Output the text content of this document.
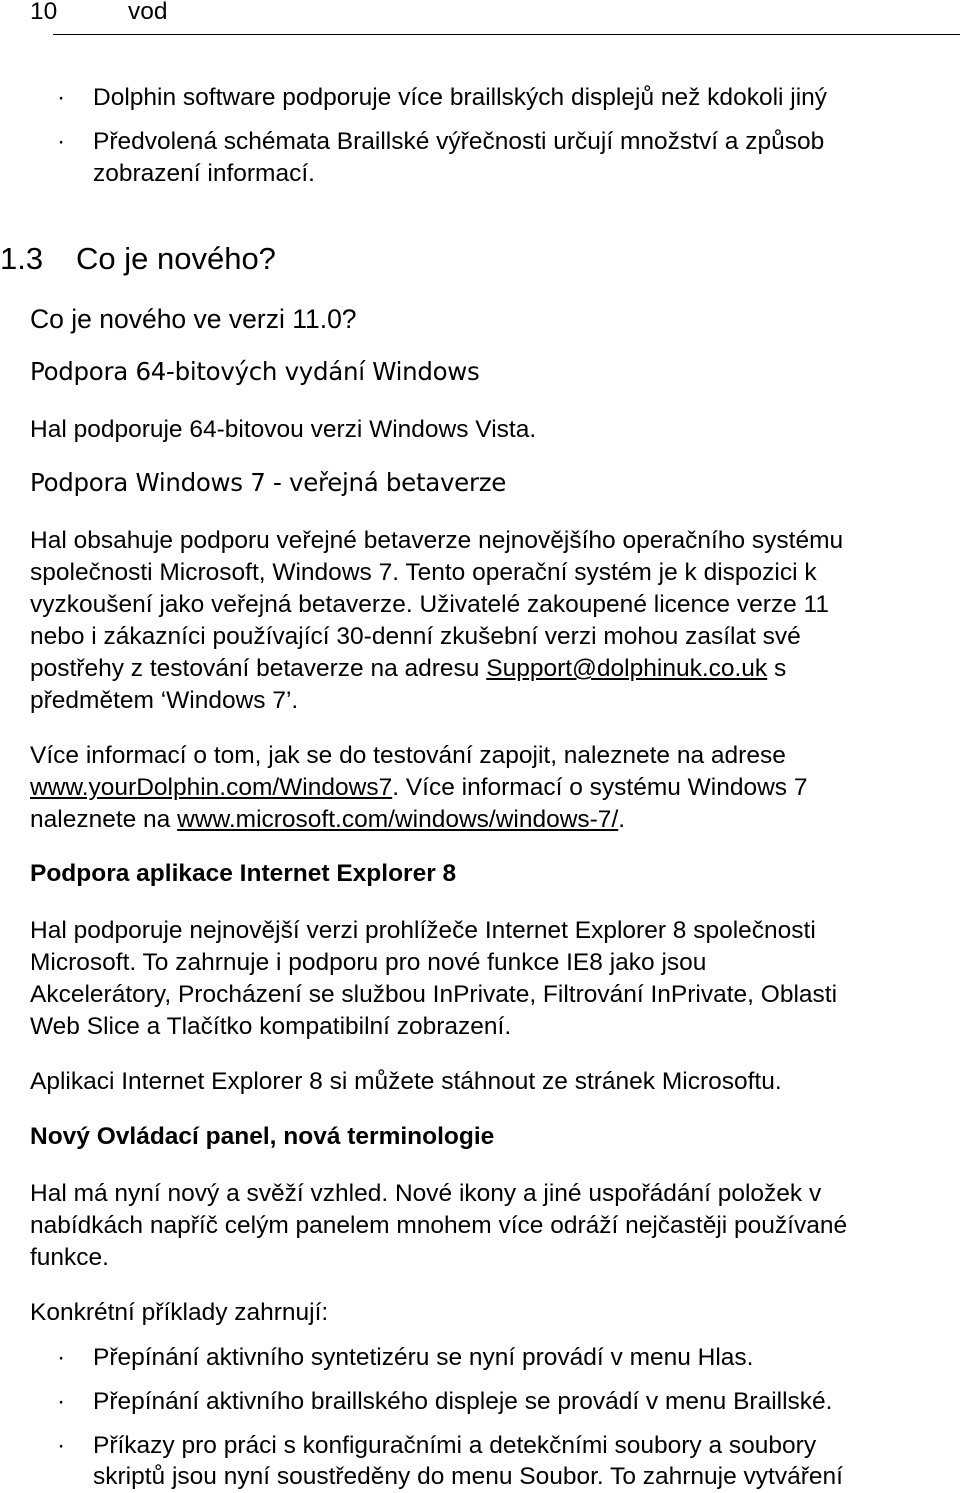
10	vod
· Dolphin software podporuje více braillských displejů než kdokoli jiný
· Předvolená schémata Braillské výřečnosti určují množství a způsob
zobrazení informací.
1.3 Co je nového?
Co je nového ve verzi 11.0?
Podpora 64-bitových vydání Windows
Hal podporuje 64-bitovou verzi Windows Vista.
Podpora Windows 7 - veřejná betaverze
Hal obsahuje podporu veřejné betaverze nejnovějšího operačního systému
společnosti Microsoft, Windows 7. Tento operační systém je k dispozici k
vyzkoušení jako veřejná betaverze. Uživatelé zakoupené licence verze 11
nebo i zákazníci používající 30-denní zkušební verzi mohou zasílat své
postřehy z testování betaverze na adresu Support@dolphinuk.co.uk s
předmětem ‘Windows 7’.
Více informací o tom, jak se do testování zapojit, naleznete na adrese
www.yourDolphin.com/Windows7. Více informací o systému Windows 7
naleznete na www.microsoft.com/windows/windows-7/.
Podpora aplikace Internet Explorer 8
Hal podporuje nejnovější verzi prohlížeče Internet Explorer 8 společnosti
Microsoft. To zahrnuje i podporu pro nové funkce IE8 jako jsou
Akcelerátory, Procházení se službou InPrivate, Filtrování InPrivate, Oblasti
Web Slice a Tlačítko kompatibilní zobrazení.
Aplikaci Internet Explorer 8 si můžete stáhnout ze stránek Microsoftu.
Nový Ovládací panel, nová terminologie
Hal má nyní nový a svěží vzhled. Nové ikony a jiné uspořádání položek v
nabídkách napříč celým panelem mnohem více odráží nejčastěji používané
funkce.
Konkrétní příklady zahrnují:
· Přepínání aktivního syntetizéru se nyní provádí v menu Hlas.
· Přepínání aktivního braillského displeje se provádí v menu Braillské.
· Příkazy pro práci s konfiguračními a detekčními soubory a soubory
skriptů jsou nyní soustředěny do menu Soubor. To zahrnuje vytváření
